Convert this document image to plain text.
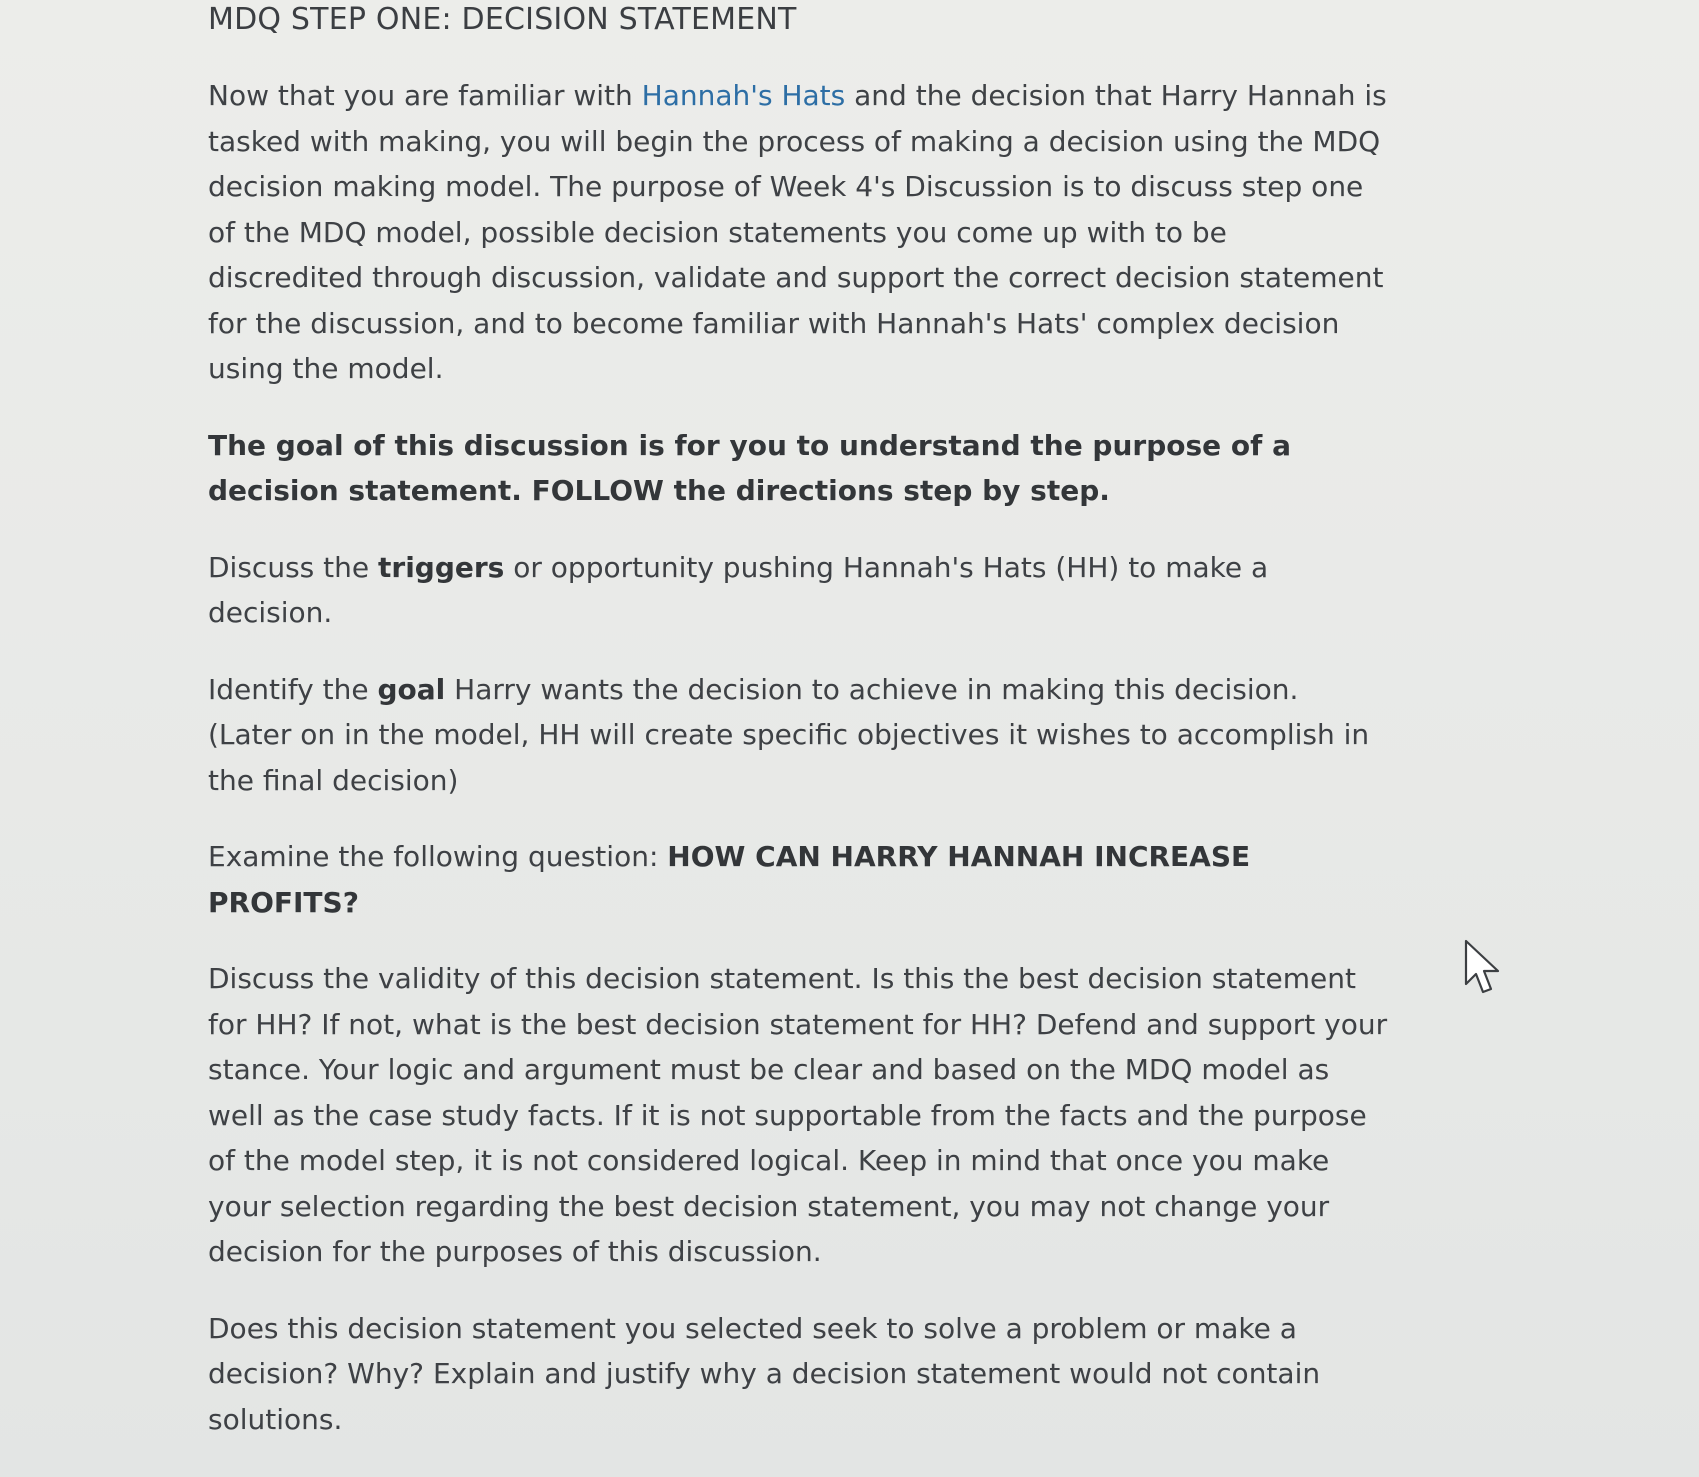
MDQ STEP ONE: DECISION STATEMENT

Now that you are familiar with Hannah's Hats and the decision that Harry Hannah is tasked with making, you will begin the process of making a decision using the MDQ decision making model. The purpose of Week 4's Discussion is to discuss step one of the MDQ model, possible decision statements you come up with to be discredited through discussion, validate and support the correct decision statement for the discussion, and to become familiar with Hannah's Hats' complex decision using the model.

The goal of this discussion is for you to understand the purpose of a decision statement. FOLLOW the directions step by step.

Discuss the triggers or opportunity pushing Hannah's Hats (HH) to make a decision.

Identify the goal Harry wants the decision to achieve in making this decision. (Later on in the model, HH will create specific objectives it wishes to accomplish in the final decision)

Examine the following question: HOW CAN HARRY HANNAH INCREASE PROFITS?

Discuss the validity of this decision statement. Is this the best decision statement for HH? If not, what is the best decision statement for HH? Defend and support your stance. Your logic and argument must be clear and based on the MDQ model as well as the case study facts. If it is not supportable from the facts and the purpose of the model step, it is not considered logical. Keep in mind that once you make your selection regarding the best decision statement, you may not change your decision for the purposes of this discussion.

Does this decision statement you selected seek to solve a problem or make a decision? Why? Explain and justify why a decision statement would not contain solutions.
